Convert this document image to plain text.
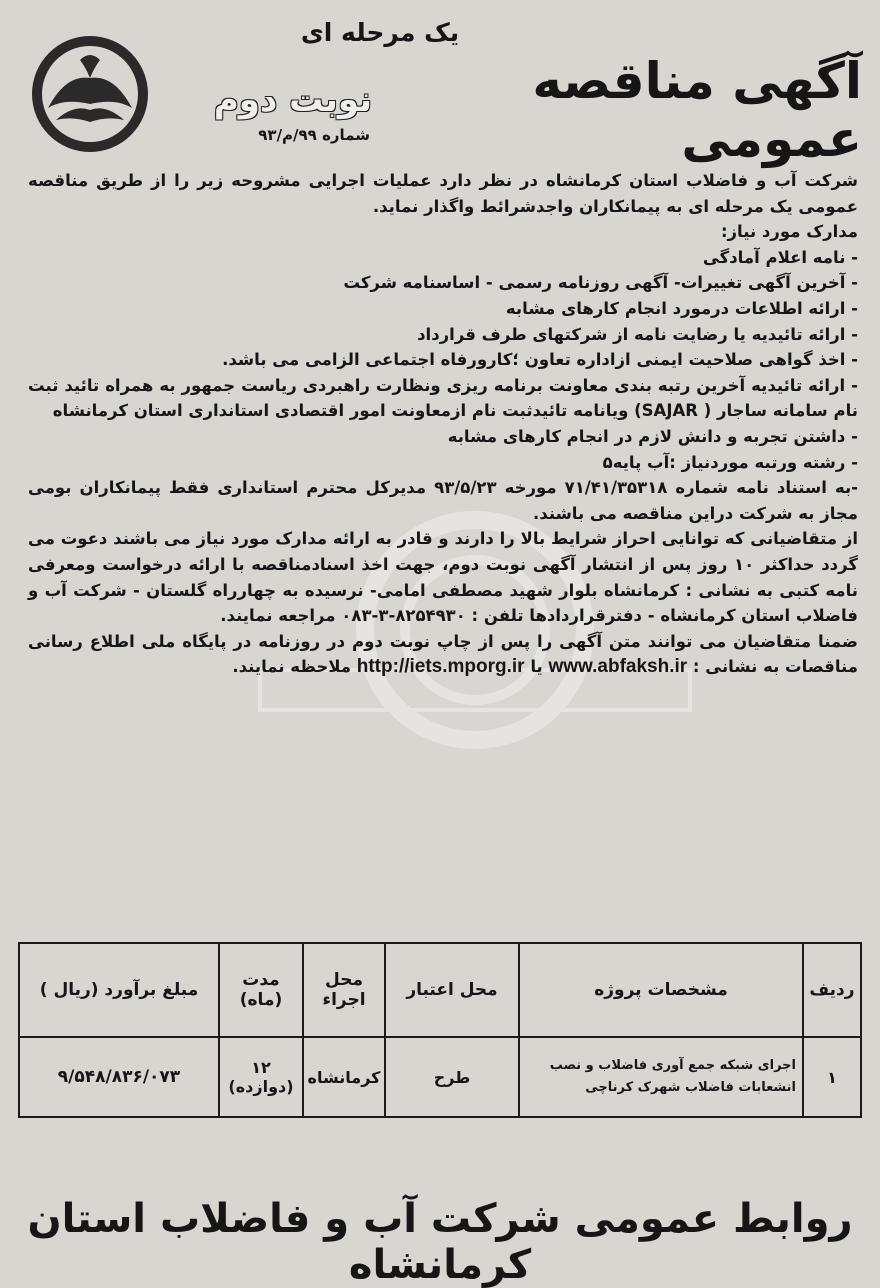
یک مرحله ای
آگهی مناقصه عمومی
نوبت دوم
شماره ۹۹/م/۹۳

شرکت آب و فاضلاب استان کرمانشاه در نظر دارد عملیات اجرایی مشروحه زیر را از طریق مناقصه عمومی یک مرحله ای به پیمانکاران واجدشرائط واگذار نماید.

مدارک مورد نیاز:

- نامه اعلام آمادگی

- آخرین آگهی تغییرات- آگهی روزنامه رسمی - اساسنامه شرکت

- ارائه اطلاعات درمورد انجام کارهای مشابه

- ارائه تائیدیه یا رضایت نامه از شرکتهای طرف قرارداد

- اخذ گواهی صلاحیت ایمنی ازاداره تعاون ؛کارورفاه اجتماعی الزامی می باشد.

- ارائه تائیدیه آخرین رتبه بندی معاونت برنامه ریزی ونظارت راهبردی ریاست جمهور به همراه تائید ثبت نام سامانه ساجار ( SAJAR) ویانامه تائیدثبت نام ازمعاونت امور اقتصادی استانداری استان کرمانشاه

- داشتن تجربه و دانش لازم در انجام کارهای مشابه

- رشته ورتبه موردنیاز :آب پایه۵

-به استناد نامه شماره ۷۱/۴۱/۳۵۳۱۸ مورخه ۹۳/۵/۲۳ مدیرکل محترم استانداری فقط پیمانکاران بومی مجاز به شرکت دراین مناقصه می باشند.

از متقاضیانی که توانایی احراز شرایط بالا را دارند و قادر به ارائه مدارک مورد نیاز می باشند دعوت می گردد حداکثر ۱۰ روز پس از انتشار آگهی نوبت دوم، جهت اخذ اسنادمناقصه با ارائه درخواست ومعرفی نامه کتبی به نشانی : کرمانشاه بلوار شهید مصطفی امامی- نرسیده به چهارراه گلستان - شرکت آب و فاضلاب استان کرمانشاه - دفترقراردادها تلفن : ۸۲۵۴۹۳۰-۳-۰۸۳ مراجعه نمایند.

ضمنا متقاضیان می توانند متن آگهی را پس از چاپ نوبت دوم در روزنامه در پایگاه ملی اطلاع رسانی مناقصات به نشانی : www.abfaksh.ir یا http://iets.mporg.ir ملاحظه نمایند.

ردیف	مشخصات پروژه	محل اعتبار	محل اجراء	مدت (ماه)	مبلغ برآورد (ریال )
۱	اجرای شبکه جمع آوری فاضلاب و نصب انشعابات فاضلاب شهرک کرناچی	طرح	کرمانشاه	۱۲ (دوازده)	۹/۵۴۸/۸۳۶/۰۷۳
روابط عمومی شرکت آب و فاضلاب استان کرمانشاه
